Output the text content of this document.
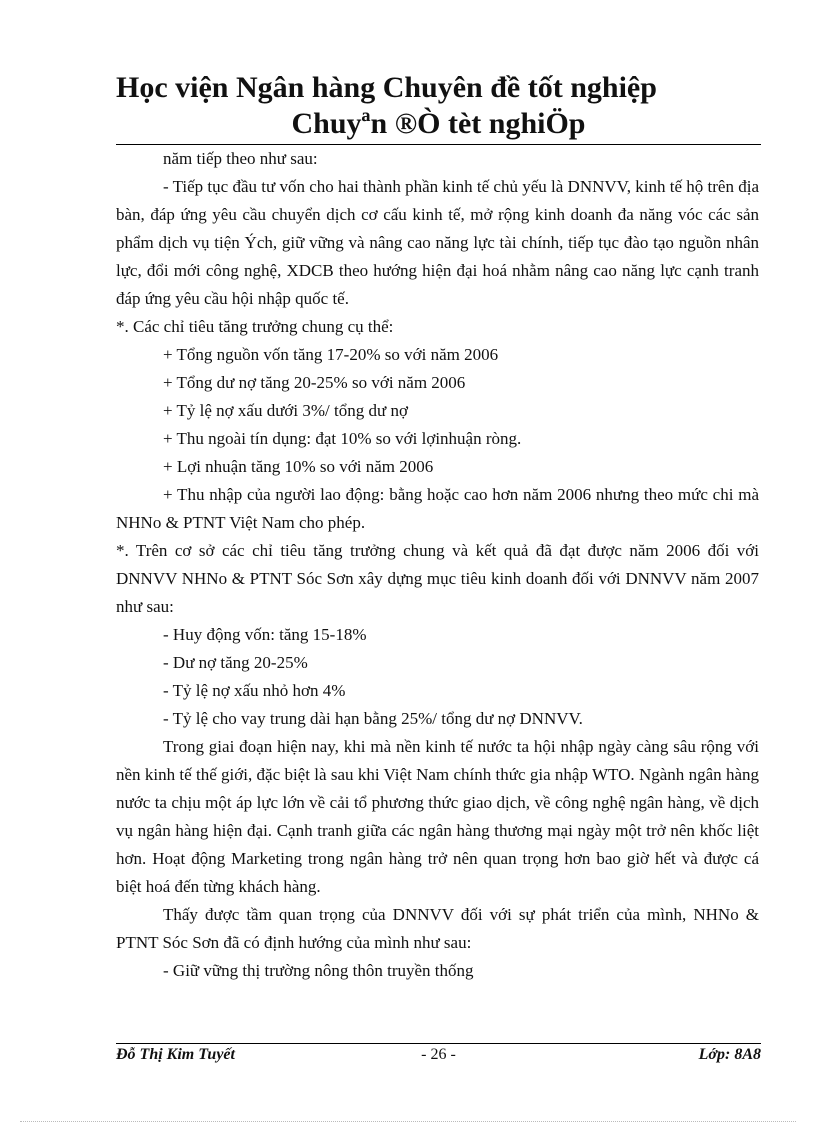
Học viện Ngân hàng Chuyên đề tốt nghiệp
Chuyªn ®Ò tèt nghiÖp

năm tiếp theo như sau:

- Tiếp tục đầu tư vốn cho hai thành phần kinh tế chủ yếu là DNNVV, kinh tế hộ trên địa bàn, đáp ứng yêu cầu chuyển dịch cơ cấu kinh tế, mở rộng kinh doanh đa năng vóc các sản phẩm dịch vụ tiện Ých, giữ vững và nâng cao năng lực tài chính, tiếp tục đào tạo nguồn nhân lực, đổi mới công nghệ, XDCB theo hướng hiện đại hoá nhằm nâng cao năng lực cạnh tranh đáp ứng yêu cầu hội nhập quốc tế.

*. Các chỉ tiêu tăng trưởng chung cụ thể:

+ Tổng nguồn vốn tăng 17-20% so với năm 2006

+ Tổng dư nợ tăng 20-25% so với năm 2006

+ Tỷ lệ nợ xấu dưới 3%/ tổng dư nợ

+ Thu ngoài tín dụng: đạt 10% so với lợinhuận ròng.

+ Lợi nhuận tăng 10% so với năm 2006

+ Thu nhập của người lao động: bằng hoặc cao hơn năm 2006 nhưng theo mức chi mà NHNo & PTNT Việt Nam cho phép.

*. Trên cơ sở các chỉ tiêu tăng trưởng chung và kết quả đã đạt được năm 2006 đối với DNNVV NHNo & PTNT Sóc Sơn xây dựng mục tiêu kinh doanh đối với DNNVV năm 2007 như sau:

- Huy động vốn: tăng 15-18%

- Dư nợ tăng 20-25%

- Tỷ lệ nợ xấu nhỏ hơn 4%

- Tỷ lệ cho vay trung dài hạn bằng 25%/ tổng dư nợ DNNVV.

Trong giai đoạn hiện nay, khi mà nền kinh tế nước ta hội nhập ngày càng sâu rộng với nền kinh tế thế giới, đặc biệt là sau khi Việt Nam chính thức gia nhập WTO. Ngành ngân hàng nước ta chịu một áp lực lớn về cải tổ phương thức giao dịch, về công nghệ ngân hàng, về dịch vụ ngân hàng hiện đại. Cạnh tranh giữa các ngân hàng thương mại ngày một trở nên khốc liệt hơn. Hoạt động Marketing trong ngân hàng trở nên quan trọng hơn bao giờ hết và được cá biệt hoá đến từng khách hàng.

Thấy được tầm quan trọng của DNNVV đối với sự phát triển của mình, NHNo & PTNT Sóc Sơn đã có định hướng của mình như sau:

- Giữ vững thị trường nông thôn truyền thống

Đỗ Thị Kim Tuyết	- 26 -	Lớp: 8A8
